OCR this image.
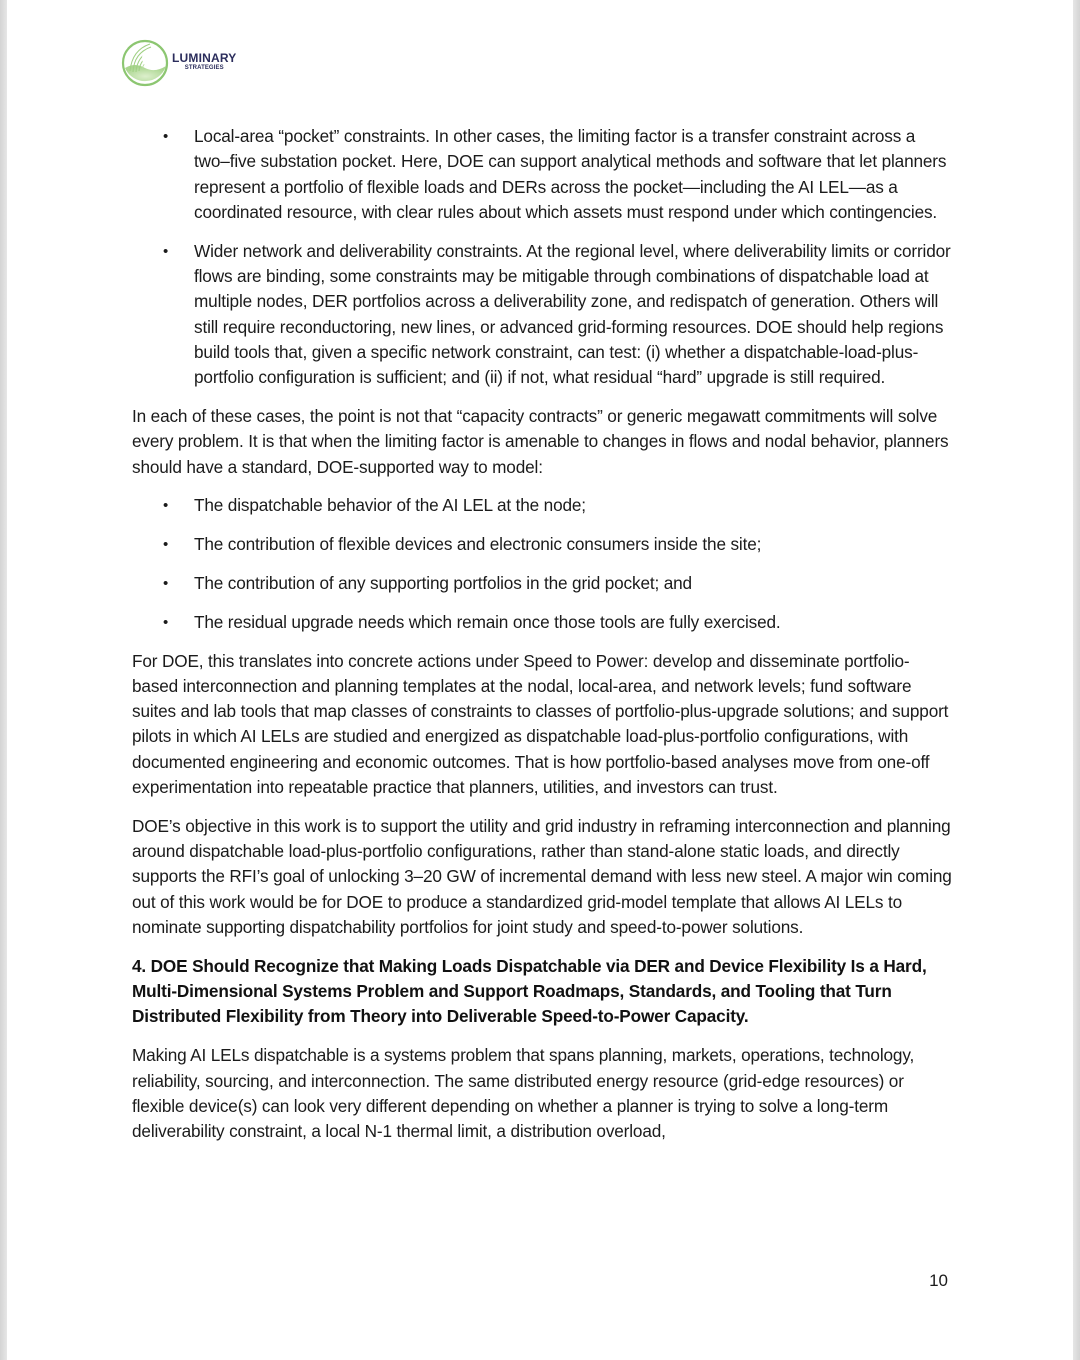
LUMINARY
STRATEGIES
• Local-area “pocket” constraints. In other cases, the limiting factor is a transfer constraint across a two–five substation pocket. Here, DOE can support analytical methods and software that let planners represent a portfolio of flexible loads and DERs across the pocket—including the AI LEL—as a coordinated resource, with clear rules about which assets must respond under which contingencies.
• Wider network and deliverability constraints. At the regional level, where deliverability limits or corridor flows are binding, some constraints may be mitigable through combinations of dispatchable load at multiple nodes, DER portfolios across a deliverability zone, and redispatch of generation. Others will still require reconductoring, new lines, or advanced grid-forming resources. DOE should help regions build tools that, given a specific network constraint, can test: (i) whether a dispatchable-load-plus-portfolio configuration is sufficient; and (ii) if not, what residual “hard” upgrade is still required.

In each of these cases, the point is not that “capacity contracts” or generic megawatt commitments will solve every problem. It is that when the limiting factor is amenable to changes in flows and nodal behavior, planners should have a standard, DOE-supported way to model:

• The dispatchable behavior of the AI LEL at the node;
• The contribution of flexible devices and electronic consumers inside the site;
• The contribution of any supporting portfolios in the grid pocket; and
• The residual upgrade needs which remain once those tools are fully exercised.

For DOE, this translates into concrete actions under Speed to Power: develop and disseminate portfolio-based interconnection and planning templates at the nodal, local-area, and network levels; fund software suites and lab tools that map classes of constraints to classes of portfolio-plus-upgrade solutions; and support pilots in which AI LELs are studied and energized as dispatchable load-plus-portfolio configurations, with documented engineering and economic outcomes. That is how portfolio-based analyses move from one-off experimentation into repeatable practice that planners, utilities, and investors can trust.

DOE’s objective in this work is to support the utility and grid industry in reframing interconnection and planning around dispatchable load-plus-portfolio configurations, rather than stand-alone static loads, and directly supports the RFI’s goal of unlocking 3–20 GW of incremental demand with less new steel. A major win coming out of this work would be for DOE to produce a standardized grid-model template that allows AI LELs to nominate supporting dispatchability portfolios for joint study and speed-to-power solutions.

4. DOE Should Recognize that Making Loads Dispatchable via DER and Device Flexibility Is a Hard, Multi-Dimensional Systems Problem and Support Roadmaps, Standards, and Tooling that Turn Distributed Flexibility from Theory into Deliverable Speed-to-Power Capacity.

Making AI LELs dispatchable is a systems problem that spans planning, markets, operations, technology, reliability, sourcing, and interconnection. The same distributed energy resource (grid-edge resources) or flexible device(s) can look very different depending on whether a planner is trying to solve a long-term deliverability constraint, a local N-1 thermal limit, a distribution overload,

10
